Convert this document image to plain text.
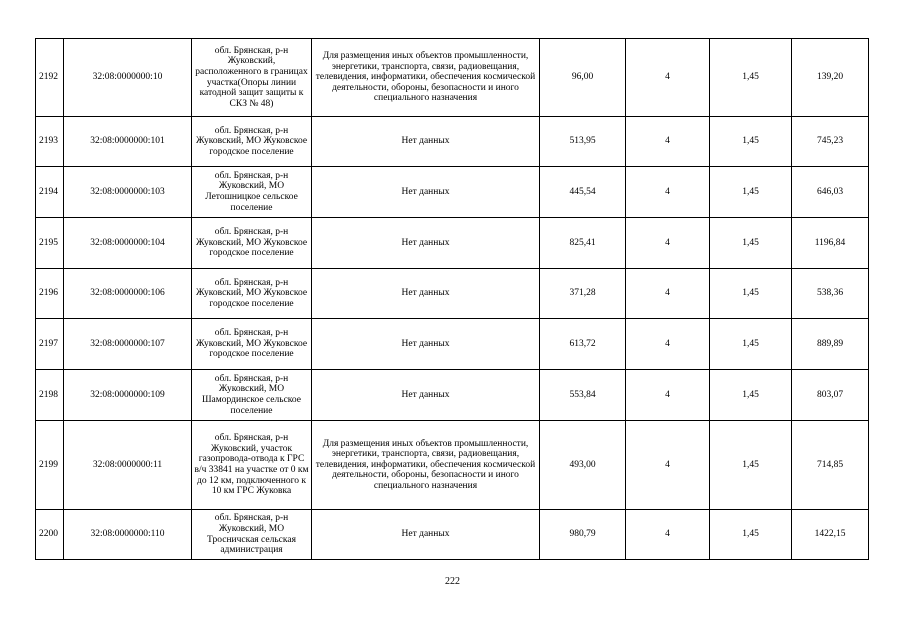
2192	32:08:0000000:10	обл. Брянская, р-н Жуковский, расположенного в границах участка(Опоры линии катодной защит защиты к СКЗ № 48)	Для размещения иных объектов промышленности, энергетики, транспорта, связи, радиовещания, телевидения, информатики, обеспечения космической деятельности, обороны, безопасности и иного специального назначения	96,00	4	1,45	139,20
2193	32:08:0000000:101	обл. Брянская, р-н Жуковский, МО Жуковское городское поселение	Нет данных	513,95	4	1,45	745,23
2194	32:08:0000000:103	обл. Брянская, р-н Жуковский, МО Летошницкое сельское поселение	Нет данных	445,54	4	1,45	646,03
2195	32:08:0000000:104	обл. Брянская, р-н Жуковский, МО Жуковское городское поселение	Нет данных	825,41	4	1,45	1196,84
2196	32:08:0000000:106	обл. Брянская, р-н Жуковский, МО Жуковское городское поселение	Нет данных	371,28	4	1,45	538,36
2197	32:08:0000000:107	обл. Брянская, р-н Жуковский, МО Жуковское городское поселение	Нет данных	613,72	4	1,45	889,89
2198	32:08:0000000:109	обл. Брянская, р-н Жуковский, МО Шамординское сельское поселение	Нет данных	553,84	4	1,45	803,07
2199	32:08:0000000:11	обл. Брянская, р-н Жуковский, участок газопровода-отвода к ГРС в/ч 33841 на участке от 0 км до 12 км, подключенного к 10 км ГРС Жуковка	Для размещения иных объектов промышленности, энергетики, транспорта, связи, радиовещания, телевидения, информатики, обеспечения космической деятельности, обороны, безопасности и иного специального назначения	493,00	4	1,45	714,85
2200	32:08:0000000:110	обл. Брянская, р-н Жуковский, МО Тросничская сельская администрация	Нет данных	980,79	4	1,45	1422,15
222
